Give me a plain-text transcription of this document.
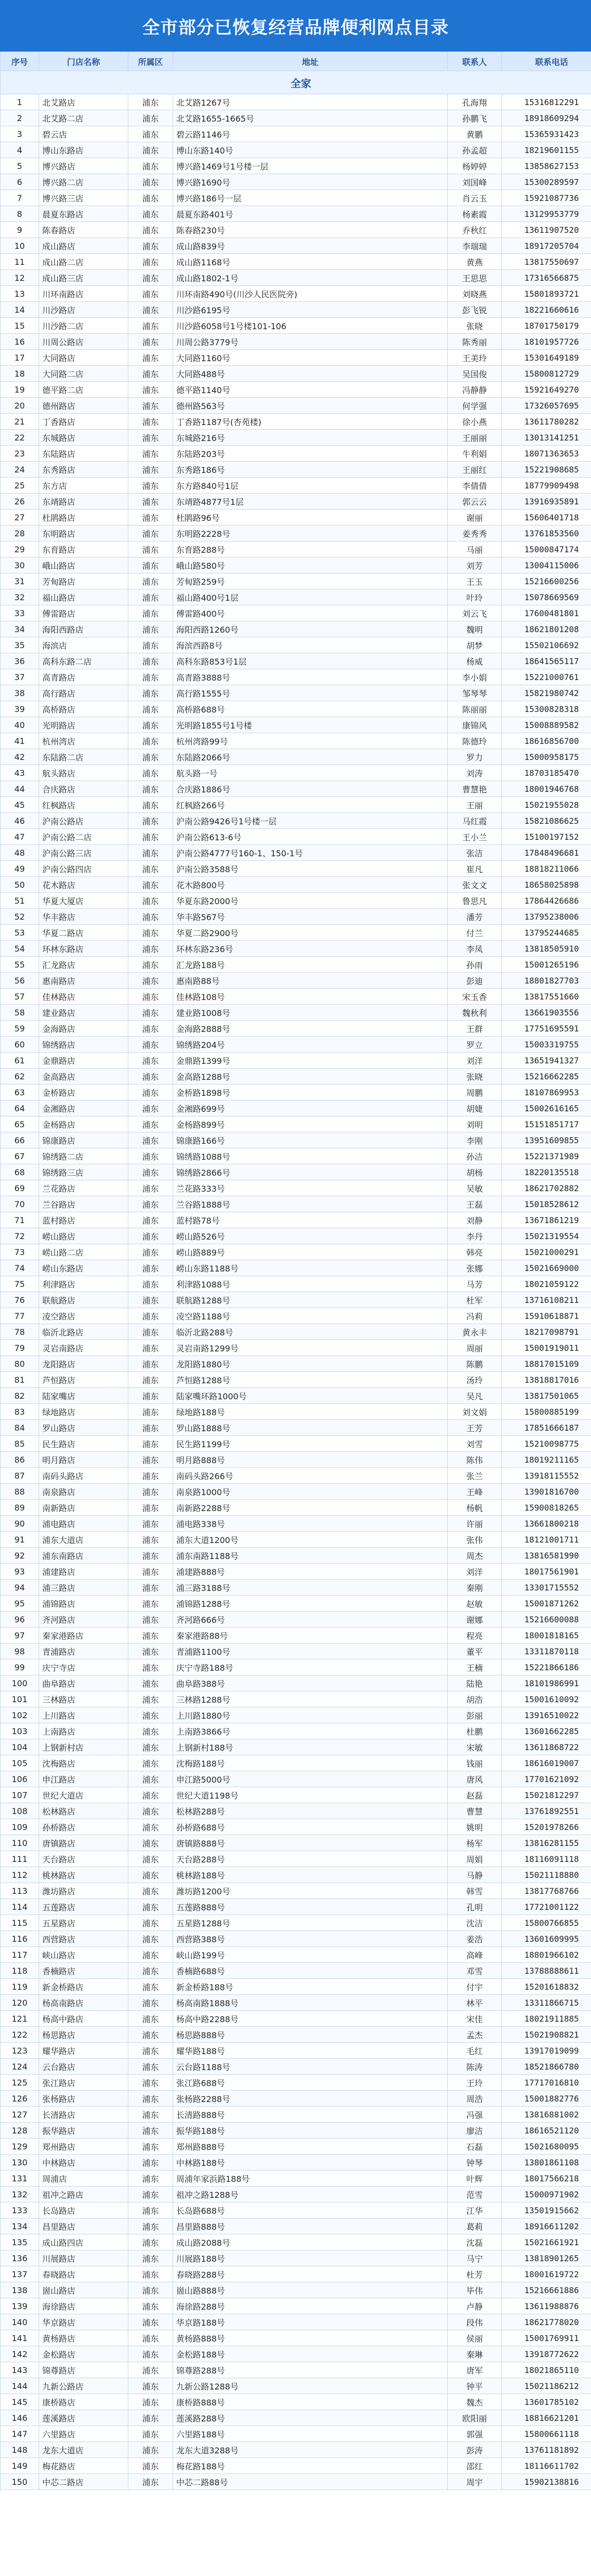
全市部分已恢复经营品牌便利网点目录
全家					
序号	门店名称	所属区	地址	联系人	联系电话
1	北艾路店	浦东	北艾路1267号	孔海翔	15316812291
2	北艾路二店	浦东	北艾路1655-1665号	孙鹏飞	18918609294
3	碧云店	浦东	碧云路1146号	黄鹏	15365931423
4	博山东路店	浦东	博山东路140号	孙孟超	18219601155
5	博兴路店	浦东	博兴路1469号1号楼一层	杨婷婷	13858627153
6	博兴路二店	浦东	博兴路1690号	刘国峰	15300289597
7	博兴路三店	浦东	博兴路186号一层	肖云玉	15921087736
8	晨夏东路店	浦东	晨夏东路401号	杨素霞	13129953779
9	陈春路店	浦东	陈春路230号	乔秋红	13611907520
10	成山路店	浦东	成山路839号	李瑞瑞	18917205704
11	成山路二店	浦东	成山路1168号	黄燕	13817550697
12	成山路三店	浦东	成山路1802-1号	王思思	17316566875
13	川环南路店	浦东	川环南路490号(川沙人民医院旁)	刘晓燕	15801893721
14	川沙路店	浦东	川沙路6195号	彭飞锐	18221660616
15	川沙路二店	浦东	川沙路6058号1号楼101-106	张晓	18701750179
16	川周公路店	浦东	川周公路3779号	陈秀丽	18101957726
17	大同路店	浦东	大同路1160号	王美玲	15301649189
18	大同路二店	浦东	大同路488号	吴国俊	15800812729
19	德平路二店	浦东	德平路1140号	冯静静	15921649270
20	德州路店	浦东	德州路563号	何学强	17326057695
21	丁香路店	浦东	丁香路1187号(杏苑楼)	徐小燕	13611780282
22	东城路店	浦东	东城路216号	王丽丽	13013141251
23	东陆路店	浦东	东陆路203号	牛利娟	18071363653
24	东秀路店	浦东	东秀路186号	王丽红	15221908685
25	东方店	浦东	东方路840号1层	李倩倩	18779909498
26	东靖路店	浦东	东靖路4877号1层	郭云云	13916935891
27	杜鹃路店	浦东	杜鹃路96号	谢丽	15606401718
28	东明路店	浦东	东明路2228号	姜秀秀	13761853560
29	东育路店	浦东	东育路288号	马丽	15000847174
30	峨山路店	浦东	峨山路580号	刘芳	13004115006
31	芳甸路店	浦东	芳甸路259号	王玉	15216600256
32	福山路店	浦东	福山路400号1层	叶玲	15078669569
33	傅雷路店	浦东	傅雷路400号	刘云飞	17600481801
34	海阳西路店	浦东	海阳西路1260号	魏明	18621801208
35	海滨店	浦东	海滨西路8号	胡梦	15502106692
36	高科东路二店	浦东	高科东路853号1层	杨威	18641565117
37	高青路店	浦东	高青路3888号	李小娟	15221000761
38	高行路店	浦东	高行路1555号	邹琴琴	15821980742
39	高桥路店	浦东	高桥路688号	陈丽丽	15300828318
40	光明路店	浦东	光明路1855号1号楼	康锦风	15008889582
41	杭州湾店	浦东	杭州湾路99号	陈德玲	18616856700
42	东陆路二店	浦东	东陆路2066号	罗力	15000958175
43	航头路店	浦东	航头路一号	刘涛	18703185470
44	合庆路店	浦东	合庆路1886号	曹慧艳	18001946768
45	红枫路店	浦东	红枫路266号	王丽	15021955028
46	沪南公路店	浦东	沪南公路9426号1号楼一层	马红霞	15821086625
47	沪南公路二店	浦东	沪南公路613-6号	王小兰	15100197152
48	沪南公路三店	浦东	沪南公路4777号160-1、150-1号	张洁	17848496681
49	沪南公路四店	浦东	沪南公路3588号	崔凡	18818211066
50	花木路店	浦东	花木路800号	张文文	18658025898
51	华夏大厦店	浦东	华夏东路2000号	鲁思凡	17864426686
52	华丰路店	浦东	华丰路567号	潘芳	13795238006
53	华夏二路店	浦东	华夏二路2900号	付兰	13795244685
54	环林东路店	浦东	环林东路236号	李凤	13818505910
55	汇龙路店	浦东	汇龙路188号	孙雨	15001265196
56	惠南路店	浦东	惠南路88号	彭迪	18801827703
57	佳林路店	浦东	佳林路108号	宋玉香	13817551660
58	建业路店	浦东	建业路1008号	魏秋利	13661903556
59	金海路店	浦东	金海路2888号	王群	17751695591
60	锦绣路店	浦东	锦绣路204号	罗立	15003319755
61	金鼎路店	浦东	金鼎路1399号	刘洋	13651941327
62	金高路店	浦东	金高路1288号	张晓	15216662285
63	金桥路店	浦东	金桥路1898号	周鹏	18107869953
64	金湘路店	浦东	金湘路699号	胡婕	15002616165
65	金杨路店	浦东	金杨路899号	刘明	15151851717
66	锦康路店	浦东	锦康路166号	李刚	13951609855
67	锦绣路二店	浦东	锦绣路1088号	孙洁	15221371989
68	锦绣路三店	浦东	锦绣路2866号	胡杨	18220135518
69	兰花路店	浦东	兰花路333号	吴敏	18621702882
70	兰谷路店	浦东	兰谷路1888号	王磊	15018528612
71	蓝村路店	浦东	蓝村路78号	刘静	13671861219
72	崂山路店	浦东	崂山路526号	李丹	15021319554
73	崂山路二店	浦东	崂山路889号	韩亮	15021000291
74	崂山东路店	浦东	崂山东路1188号	张娜	15021669000
75	利津路店	浦东	利津路1088号	马芳	18021059122
76	联航路店	浦东	联航路1288号	杜军	13716108211
77	凌空路店	浦东	凌空路1188号	冯莉	15910618871
78	临沂北路店	浦东	临沂北路288号	黄永丰	18217098791
79	灵岩南路店	浦东	灵岩南路1299号	周丽	15001919011
80	龙阳路店	浦东	龙阳路1880号	陈鹏	18817015109
81	芦恒路店	浦东	芦恒路1288号	汤玲	13818817016
82	陆家嘴店	浦东	陆家嘴环路1000号	吴凡	13817501065
83	绿地路店	浦东	绿地路188号	刘文娟	15800885199
84	罗山路店	浦东	罗山路1888号	王芳	17851666187
85	民生路店	浦东	民生路1199号	刘雪	15210098775
86	明月路店	浦东	明月路888号	陈伟	18019211165
87	南码头路店	浦东	南码头路266号	张兰	13918115552
88	南泉路店	浦东	南泉路1000号	王峰	13901816700
89	南新路店	浦东	南新路2288号	杨帆	15900818265
90	浦电路店	浦东	浦电路338号	许丽	13661800218
91	浦东大道店	浦东	浦东大道1200号	张伟	18121001711
92	浦东南路店	浦东	浦东南路1188号	周杰	13816581990
93	浦建路店	浦东	浦建路888号	刘洋	18017561901
94	浦三路店	浦东	浦三路3188号	秦刚	13301715552
95	浦锦路店	浦东	浦锦路1288号	赵敏	15001871262
96	齐河路店	浦东	齐河路666号	谢娜	15216600088
97	秦家港路店	浦东	秦家港路88号	程亮	18001818165
98	青浦路店	浦东	青浦路1100号	董平	13311870118
99	庆宁寺店	浦东	庆宁寺路188号	王楠	15221866186
100	曲阜路店	浦东	曲阜路388号	陆艳	18101986991
101	三林路店	浦东	三林路1288号	胡浩	15001610092
102	上川路店	浦东	上川路1880号	彭丽	13916510022
103	上南路店	浦东	上南路3866号	杜鹏	13601662285
104	上钢新村店	浦东	上钢新村188号	宋敏	13611868722
105	沈梅路店	浦东	沈梅路188号	钱丽	18616019007
106	申江路店	浦东	申江路5000号	唐风	17701621092
107	世纪大道店	浦东	世纪大道1198号	赵磊	15021812297
108	松林路店	浦东	松林路288号	曹慧	13761892551
109	孙桥路店	浦东	孙桥路688号	姚明	15201978266
110	唐镇路店	浦东	唐镇路888号	杨军	13816281155
111	天台路店	浦东	天台路288号	周娟	18116091118
112	桃林路店	浦东	桃林路188号	马静	15021118880
113	潍坊路店	浦东	潍坊路1200号	韩雪	13817768766
114	五莲路店	浦东	五莲路888号	孔明	17721001122
115	五星路店	浦东	五星路1288号	沈洁	15800766855
116	西营路店	浦东	西营路388号	姜浩	13601609995
117	峡山路店	浦东	峡山路199号	高峰	18801966102
118	香楠路店	浦东	香楠路688号	邓雪	13788888611
119	新金桥路店	浦东	新金桥路188号	付宇	15201618832
120	杨高南路店	浦东	杨高南路1888号	林平	13311866715
121	杨高中路店	浦东	杨高中路2288号	宋佳	18021911885
122	杨思路店	浦东	杨思路888号	孟杰	15021908821
123	耀华路店	浦东	耀华路188号	毛红	13917019099
124	云台路店	浦东	云台路1188号	陈涛	18521866780
125	张江路店	浦东	张江路688号	王玲	17717016810
126	张杨路店	浦东	张杨路2288号	周浩	15001882776
127	长清路店	浦东	长清路888号	冯强	13816881002
128	振华路店	浦东	振华路188号	廖洁	18616521120
129	郑州路店	浦东	郑州路888号	石磊	15021680095
130	中林路店	浦东	中林路188号	钟琴	13801861108
131	周浦店	浦东	周浦年家浜路188号	叶辉	18017566218
132	祖冲之路店	浦东	祖冲之路1288号	范雪	15000971902
133	长岛路店	浦东	长岛路688号	江华	13501915662
134	昌里路店	浦东	昌里路888号	葛莉	18916611202
135	成山路四店	浦东	成山路2088号	沈磊	15021661921
136	川展路店	浦东	川展路188号	马宁	13818901265
137	春晓路店	浦东	春晓路288号	杜芳	18001619722
138	崮山路店	浦东	崮山路888号	毕伟	15216661886
139	海徐路店	浦东	海徐路288号	卢静	13611988876
140	华京路店	浦东	华京路188号	段伟	18621778020
141	黄杨路店	浦东	黄杨路888号	侯丽	15001769911
142	金松路店	浦东	金松路188号	秦琳	13918772622
143	锦尊路店	浦东	锦尊路288号	唐军	18021865110
144	九新公路店	浦东	九新公路1288号	钟平	15021186212
145	康桥路店	浦东	康桥路888号	魏杰	13601785102
146	莲溪路店	浦东	莲溪路288号	欧阳丽	18816621201
147	六里路店	浦东	六里路188号	郭强	15800661118
148	龙东大道店	浦东	龙东大道3288号	彭涛	13761181892
149	梅花路店	浦东	梅花路188号	邵红	18116611702
150	中芯二路店	浦东	中芯二路88号	周宇	15902138816
